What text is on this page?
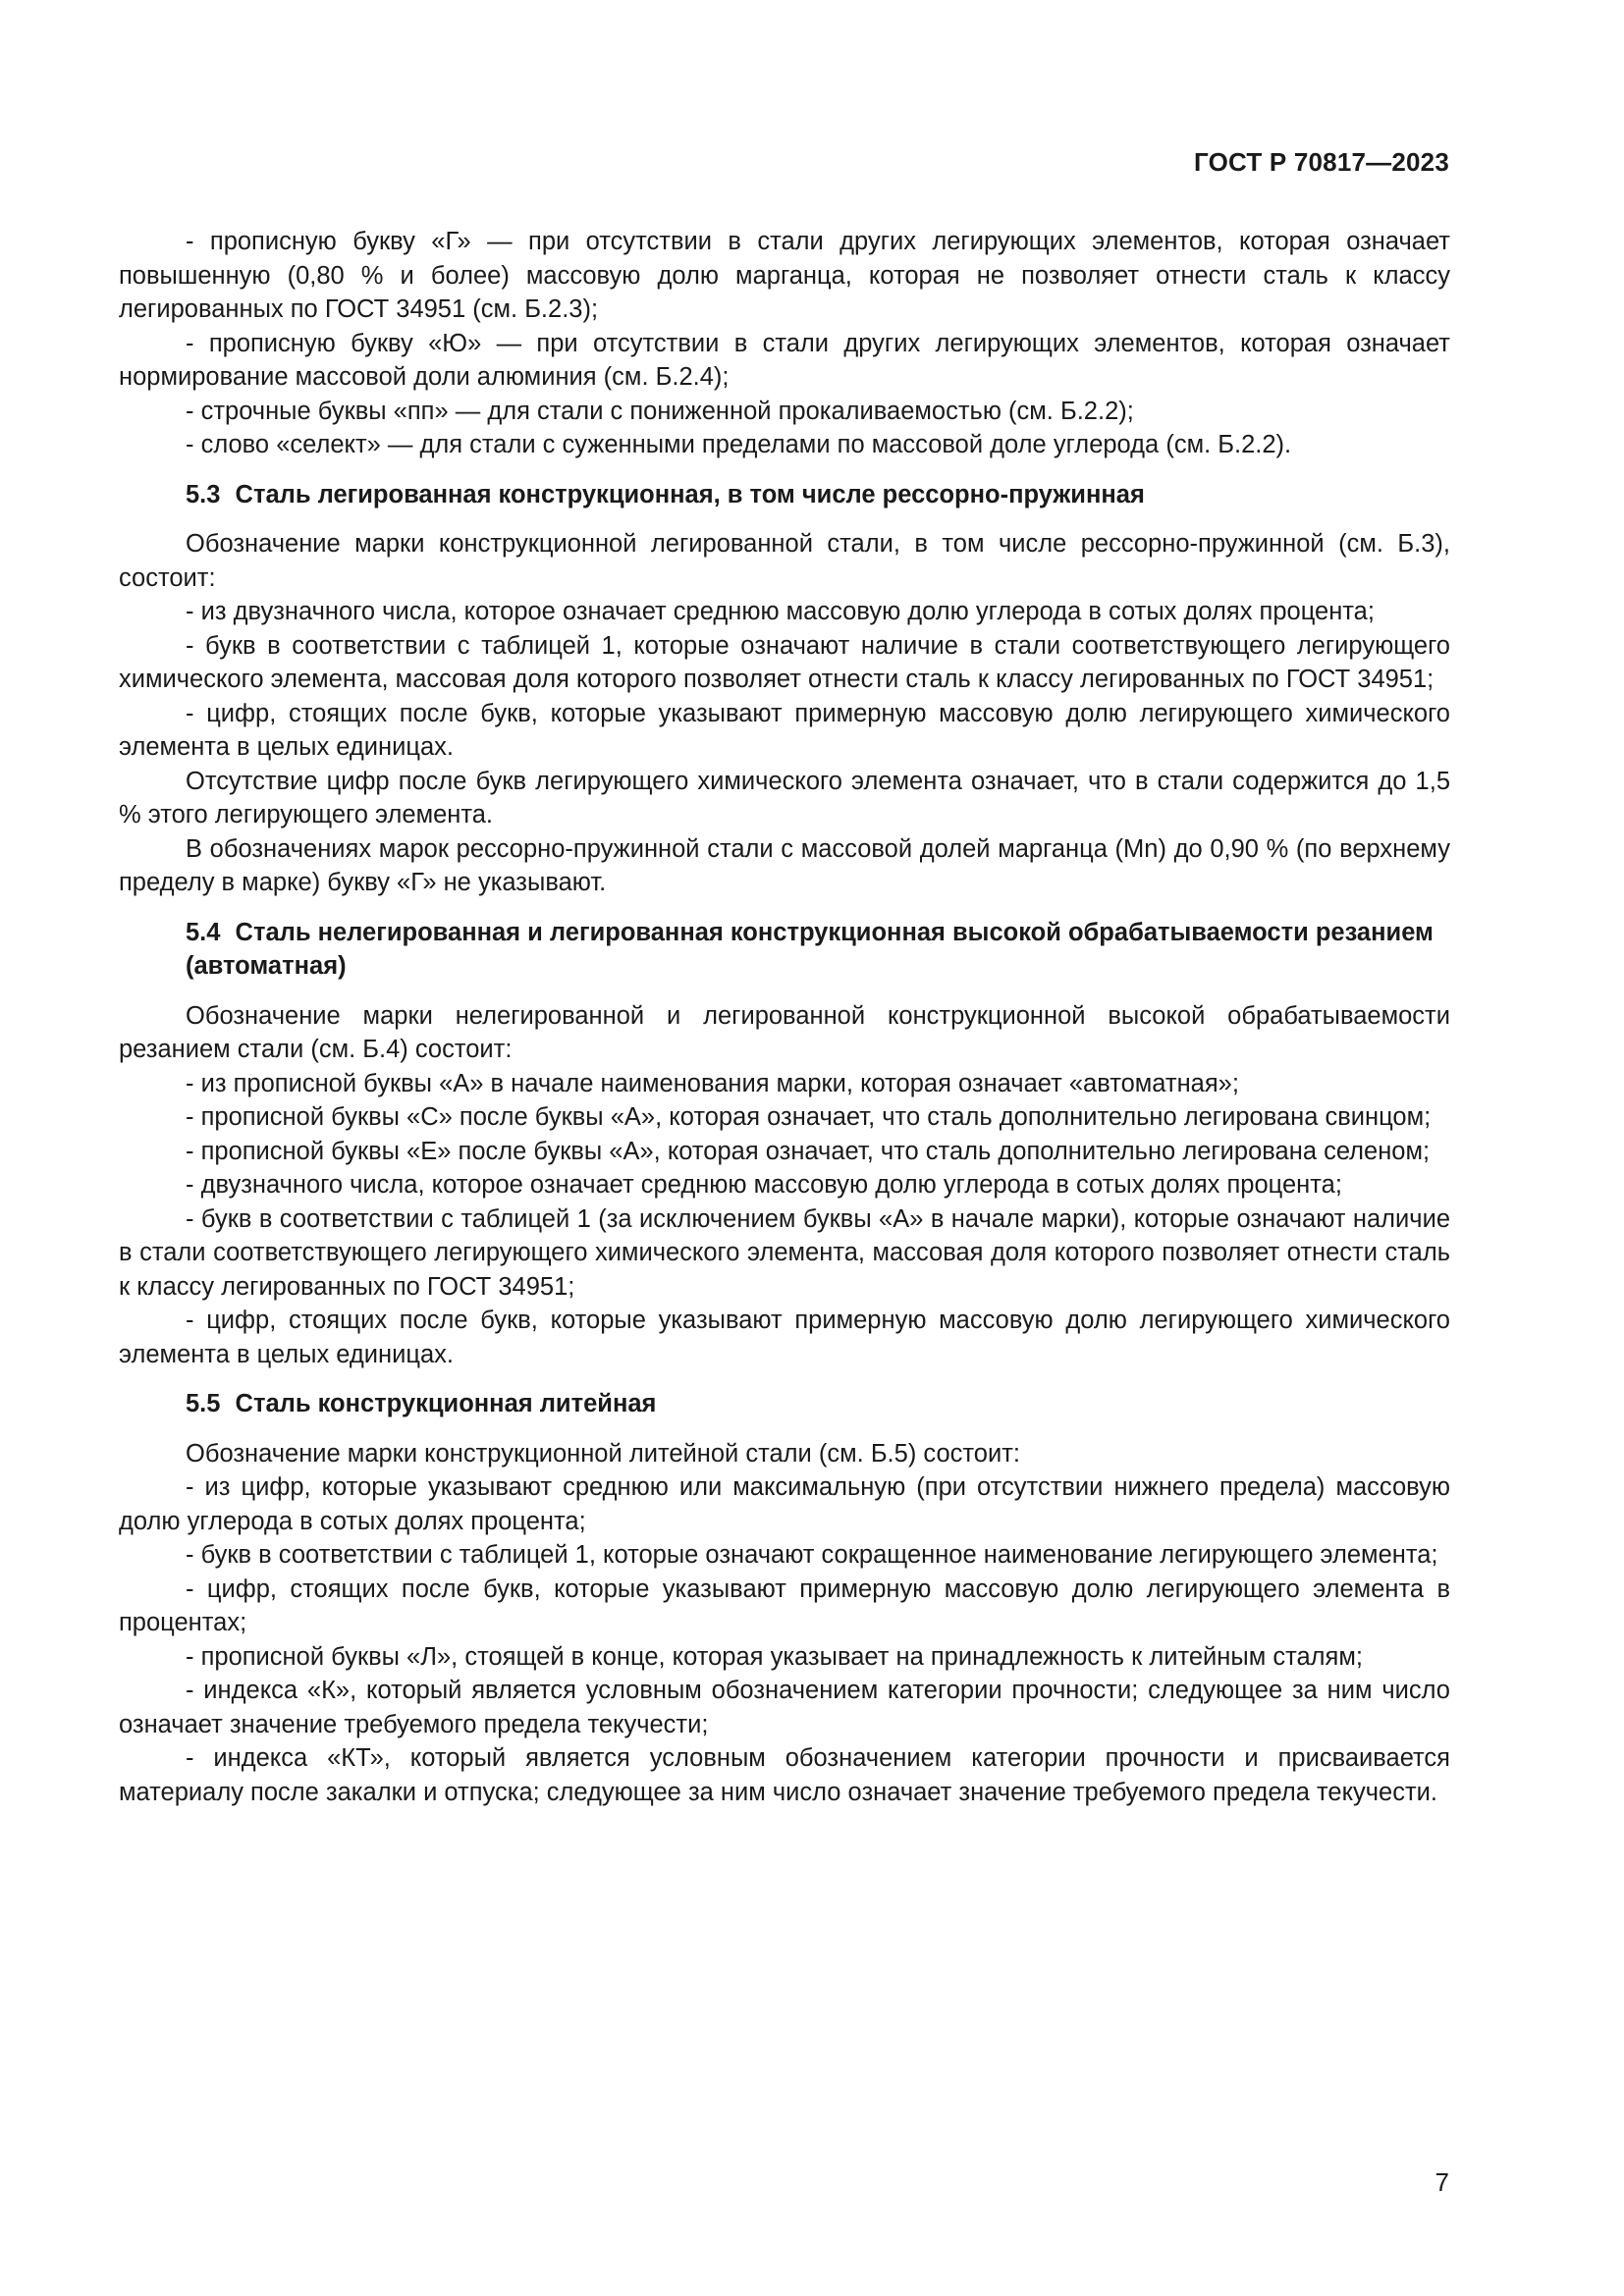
ГОСТ Р 70817—2023

- прописную букву «Г» — при отсутствии в стали других легирующих элементов, которая означает повышенную (0,80 % и более) массовую долю марганца, которая не позволяет отнести сталь к классу легированных по ГОСТ 34951 (см. Б.2.3);

- прописную букву «Ю» — при отсутствии в стали других легирующих элементов, которая означает нормирование массовой доли алюминия (см. Б.2.4);

- строчные буквы «пп» — для стали с пониженной прокаливаемостью (см. Б.2.2);

- слово «селект» — для стали с суженными пределами по массовой доле углерода (см. Б.2.2).

5.3 Сталь легированная конструкционная, в том числе рессорно-пружинная

Обозначение марки конструкционной легированной стали, в том числе рессорно-пружинной (см. Б.3), состоит:

- из двузначного числа, которое означает среднюю массовую долю углерода в сотых долях процента;

- букв в соответствии с таблицей 1, которые означают наличие в стали соответствующего легирующего химического элемента, массовая доля которого позволяет отнести сталь к классу легированных по ГОСТ 34951;

- цифр, стоящих после букв, которые указывают примерную массовую долю легирующего химического элемента в целых единицах.

Отсутствие цифр после букв легирующего химического элемента означает, что в стали содержится до 1,5 % этого легирующего элемента.

В обозначениях марок рессорно-пружинной стали с массовой долей марганца (Mn) до 0,90 % (по верхнему пределу в марке) букву «Г» не указывают.

5.4 Сталь нелегированная и легированная конструкционная высокой обрабатываемости резанием (автоматная)

Обозначение марки нелегированной и легированной конструкционной высокой обрабатываемости резанием стали (см. Б.4) состоит:

- из прописной буквы «А» в начале наименования марки, которая означает «автоматная»;

- прописной буквы «С» после буквы «А», которая означает, что сталь дополнительно легирована свинцом;

- прописной буквы «Е» после буквы «А», которая означает, что сталь дополнительно легирована селеном;

- двузначного числа, которое означает среднюю массовую долю углерода в сотых долях процента;

- букв в соответствии с таблицей 1 (за исключением буквы «А» в начале марки), которые означают наличие в стали соответствующего легирующего химического элемента, массовая доля которого позволяет отнести сталь к классу легированных по ГОСТ 34951;

- цифр, стоящих после букв, которые указывают примерную массовую долю легирующего химического элемента в целых единицах.

5.5 Сталь конструкционная литейная

Обозначение марки конструкционной литейной стали (см. Б.5) состоит:

- из цифр, которые указывают среднюю или максимальную (при отсутствии нижнего предела) массовую долю углерода в сотых долях процента;

- букв в соответствии с таблицей 1, которые означают сокращенное наименование легирующего элемента;

- цифр, стоящих после букв, которые указывают примерную массовую долю легирующего элемента в процентах;

- прописной буквы «Л», стоящей в конце, которая указывает на принадлежность к литейным сталям;

- индекса «К», который является условным обозначением категории прочности; следующее за ним число означает значение требуемого предела текучести;

- индекса «КТ», который является условным обозначением категории прочности и присваивается материалу после закалки и отпуска; следующее за ним число означает значение требуемого предела текучести.

7
